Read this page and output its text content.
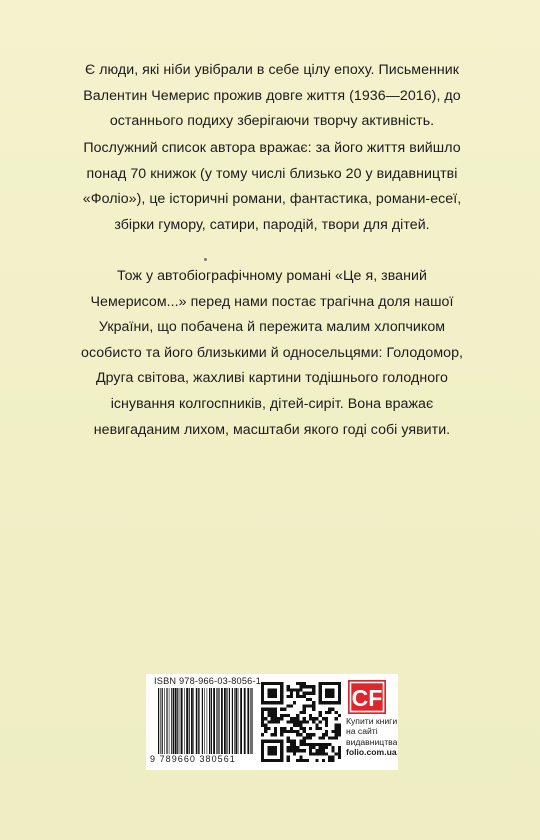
Є люди, які ніби увібрали в себе цілу епоху. Письменник
Валентин Чемерис прожив довге життя (1936—2016), до
останнього подиху зберігаючи творчу активність.
Послужний список автора вражає: за його життя вийшло
понад 70 книжок (у тому числі близько 20 у видавництві
«Фоліо»), це історичні романи, фантастика, романи-есеї,
збірки гумору, сатири, пародій, твори для дітей.
Тож у автобіографічному романі «Це я, званий
Чемерисом...» перед нами постає трагічна доля нашої
України, що побачена й пережита малим хлопчиком
особисто та його близькими й односельцями: Голодомор,
Друга світова, жахливі картини тодішнього голодного
існування колгоспників, дітей-сиріт. Вона вражає
невигаданим лихом, масштаби якого годі собі уявити.
ISBN 978-966-03-8056-1
9 789660 380561
CF
Купити книги
на сайті
видавництва
folio.com.ua
